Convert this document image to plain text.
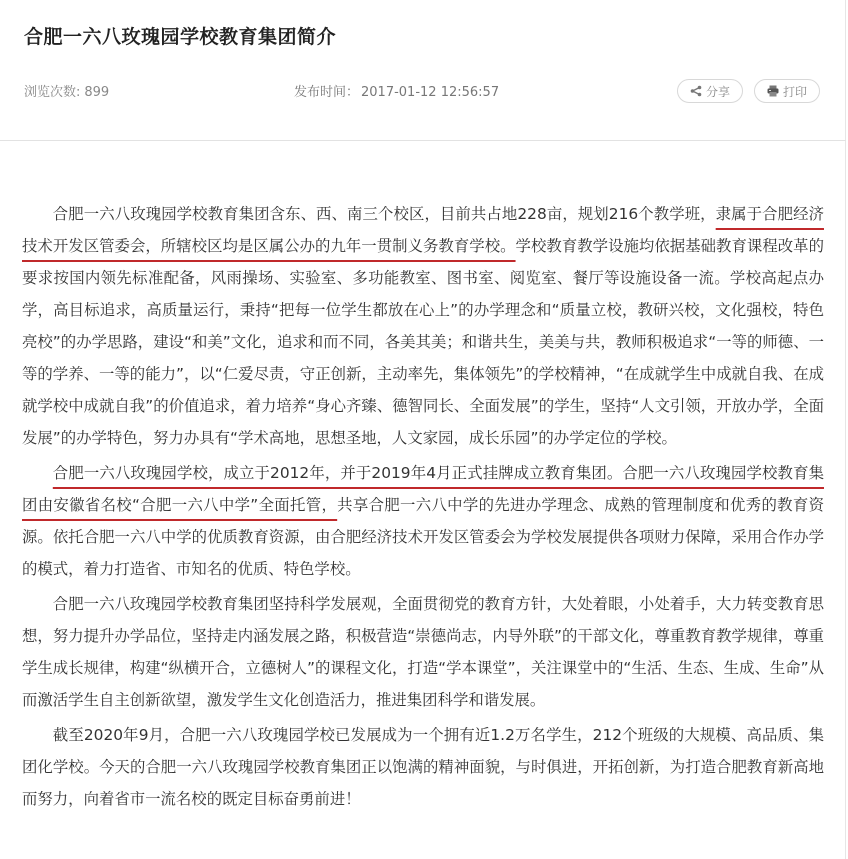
合肥一六八玫瑰园学校教育集团简介
浏览次数: 899	发布时间： 2017-01-12 12:56:57	分享	打印

合肥一六八玫瑰园学校教育集团含东、西、南三个校区，目前共占地228亩，规划216个教学班，隶属于合肥经济技术开发区管委会，所辖校区均是区属公办的九年一贯制义务教育学校。学校教育教学设施均依据基础教育课程改革的要求按国内领先标准配备，风雨操场、实验室、多功能教室、图书室、阅览室、餐厅等设施设备一流。学校高起点办学，高目标追求，高质量运行，秉持“把每一位学生都放在心上”的办学理念和“质量立校，教研兴校，文化强校，特色亮校”的办学思路，建设“和美”文化，追求和而不同，各美其美；和谐共生，美美与共，教师积极追求“一等的师德、一等的学养、一等的能力”，以“仁爱尽责，守正创新，主动率先，集体领先”的学校精神，“在成就学生中成就自我、在成就学校中成就自我”的价值追求，着力培养“身心齐臻、德智同长、全面发展”的学生，坚持“人文引领，开放办学，全面发展”的办学特色，努力办具有“学术高地，思想圣地，人文家园，成长乐园”的办学定位的学校。

合肥一六八玫瑰园学校，成立于2012年，并于2019年4月正式挂牌成立教育集团。合肥一六八玫瑰园学校教育集团由安徽省名校“合肥一六八中学”全面托管，共享合肥一六八中学的先进办学理念、成熟的管理制度和优秀的教育资源。依托合肥一六八中学的优质教育资源，由合肥经济技术开发区管委会为学校发展提供各项财力保障，采用合作办学的模式，着力打造省、市知名的优质、特色学校。

合肥一六八玫瑰园学校教育集团坚持科学发展观，全面贯彻党的教育方针，大处着眼，小处着手，大力转变教育思想，努力提升办学品位，坚持走内涵发展之路，积极营造“崇德尚志，内导外联”的干部文化，尊重教育教学规律，尊重学生成长规律，构建“纵横开合，立德树人”的课程文化，打造“学本课堂”，关注课堂中的“生活、生态、生成、生命”从而激活学生自主创新欲望，激发学生文化创造活力，推进集团科学和谐发展。

截至2020年9月，合肥一六八玫瑰园学校已发展成为一个拥有近1.2万名学生，212个班级的大规模、高品质、集团化学校。今天的合肥一六八玫瑰园学校教育集团正以饱满的精神面貌，与时俱进，开拓创新，为打造合肥教育新高地而努力，向着省市一流名校的既定目标奋勇前进！
